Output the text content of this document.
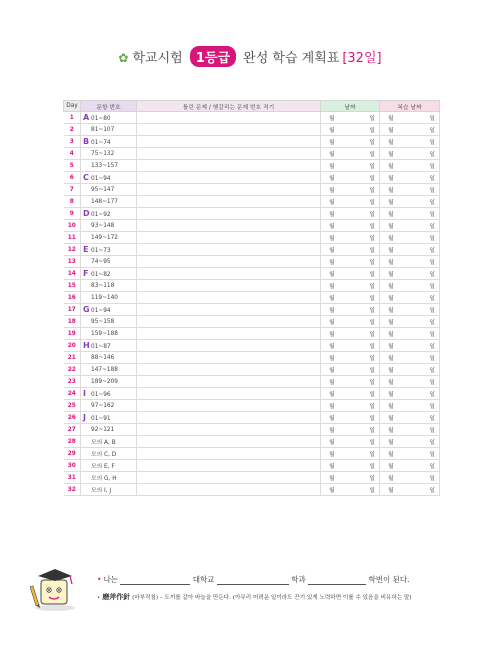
✿ 학교시험 1등급 완성 학습 계획표 [32일]
Day	문항 번호	틀린 문제 / 헷갈리는 문제 번호 적기	날짜	복습 날짜
1	A 01~80		월 일	월 일

2	81~107		월 일	월 일

3	B 01~74		월 일	월 일

4	75~132		월 일	월 일

5	133~157		월 일	월 일

6	C 01~94		월 일	월 일

7	95~147		월 일	월 일

8	148~177		월 일	월 일

9	D01~92		월 일	월 일

10	93~148		월 일	월 일

11	149~172		월 일	월 일

12	E 01~73		월 일	월 일

13	74~95		월 일	월 일

14	F 01~82		월 일	월 일

15	83~118		월 일	월 일

16	119~140		월 일	월 일

17	G01~94		월 일	월 일

18	95~158		월 일	월 일

19	159~188		월 일	월 일

20	H01~87		월 일	월 일

21	88~146		월 일	월 일

22	147~188		월 일	월 일

23	189~209		월 일	월 일

24	I 01~96		월 일	월 일

25	97~162		월 일	월 일

26	J 01~91		월 일	월 일

27	92~121		월 일	월 일

28	모의 A, B		월 일	월 일

29	모의 C, D		월 일	월 일

30	모의 E, F		월 일	월 일

31	모의 G, H		월 일	월 일

32	모의 I, J		월 일	월 일
• 나는	대학교	학과	학번이 된다.
• 磨斧作針 (마부작침) – 도끼를 갈아 바늘을 만든다. (아무리 어려운 일이라도 끈기 있게 노력하면 이룰 수 있음을 비유하는 말)
